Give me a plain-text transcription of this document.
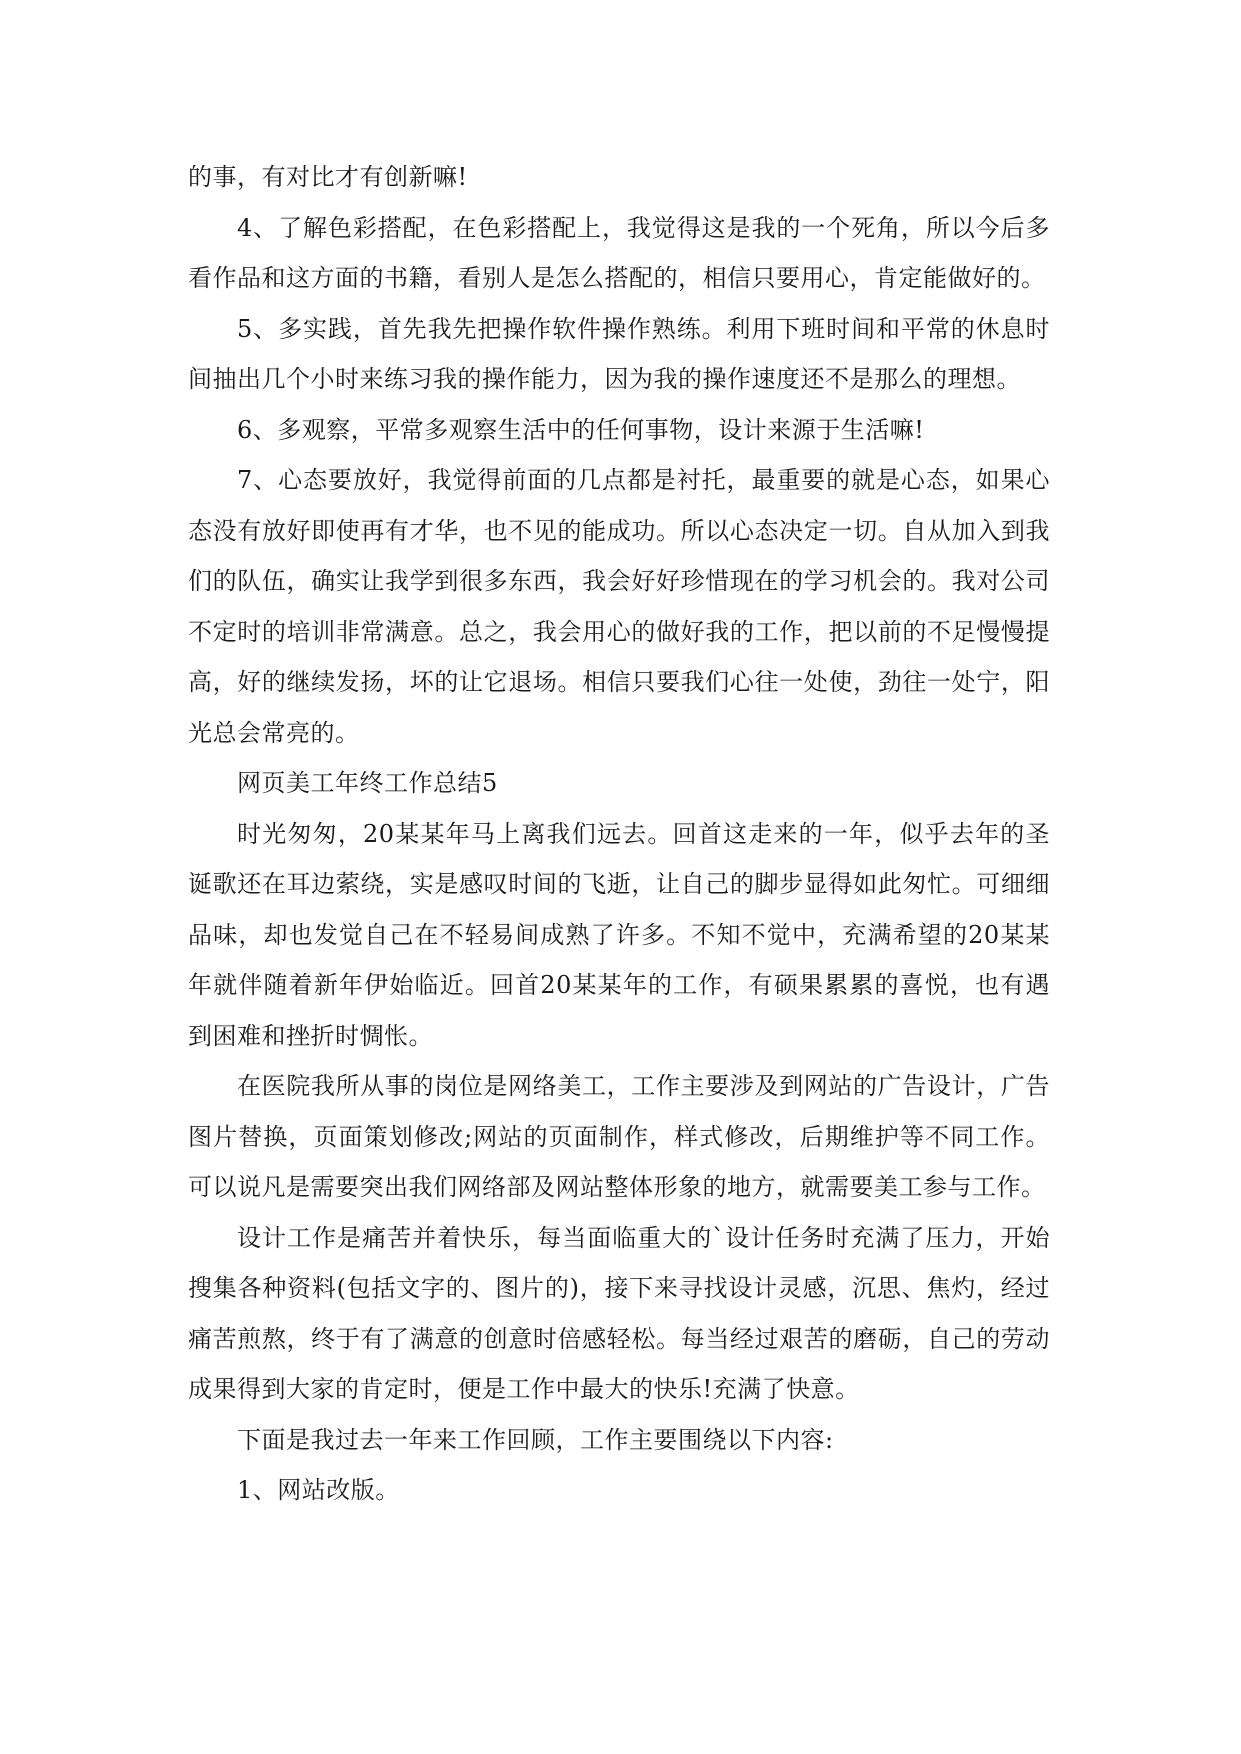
的事，有对比才有创新嘛!

4、了解色彩搭配，在色彩搭配上，我觉得这是我的一个死角，所以今后多看作品和这方面的书籍，看别人是怎么搭配的，相信只要用心，肯定能做好的。

5、多实践，首先我先把操作软件操作熟练。利用下班时间和平常的休息时间抽出几个小时来练习我的操作能力，因为我的操作速度还不是那么的理想。

6、多观察，平常多观察生活中的任何事物，设计来源于生活嘛!

7、心态要放好，我觉得前面的几点都是衬托，最重要的就是心态，如果心态没有放好即使再有才华，也不见的能成功。所以心态决定一切。自从加入到我们的队伍，确实让我学到很多东西，我会好好珍惜现在的学习机会的。我对公司不定时的培训非常满意。总之，我会用心的做好我的工作，把以前的不足慢慢提高，好的继续发扬，坏的让它退场。相信只要我们心往一处使，劲往一处宁，阳光总会常亮的。

网页美工年终工作总结5

时光匆匆，20某某年马上离我们远去。回首这走来的一年，似乎去年的圣诞歌还在耳边萦绕，实是感叹时间的飞逝，让自己的脚步显得如此匆忙。可细细品味，却也发觉自己在不轻易间成熟了许多。不知不觉中，充满希望的20某某年就伴随着新年伊始临近。回首20某某年的工作，有硕果累累的喜悦，也有遇到困难和挫折时惆怅。

在医院我所从事的岗位是网络美工，工作主要涉及到网站的广告设计，广告图片替换，页面策划修改;网站的页面制作，样式修改，后期维护等不同工作。可以说凡是需要突出我们网络部及网站整体形象的地方，就需要美工参与工作。

设计工作是痛苦并着快乐，每当面临重大的`设计任务时充满了压力，开始搜集各种资料(包括文字的、图片的)，接下来寻找设计灵感，沉思、焦灼，经过痛苦煎熬，终于有了满意的创意时倍感轻松。每当经过艰苦的磨砺，自己的劳动成果得到大家的肯定时，便是工作中最大的快乐!充满了快意。

下面是我过去一年来工作回顾，工作主要围绕以下内容:

1、网站改版。
